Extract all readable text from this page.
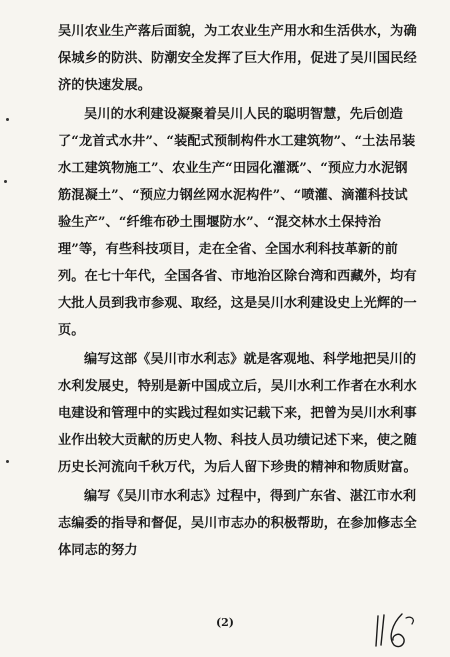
吴川农业生产落后面貌，为工农业生产用水和生活供水，为确保城乡的防洪、防潮安全发挥了巨大作用，促进了吴川国民经济的快速发展。

吴川的水利建设凝聚着吴川人民的聪明智慧，先后创造了“龙首式水井”、“装配式预制构件水工建筑物”、“土法吊装水工建筑物施工”、农业生产“田园化灌溉”、“预应力水泥钢筋混凝土”、“预应力钢丝网水泥构件”、“喷灌、滴灌科技试验生产”、“纤维布砂土围堰防水”、“混交林水土保持治理”等，有些科技项目，走在全省、全国水利科技革新的前列。在七十年代，全国各省、市地治区除台湾和西藏外，均有大批人员到我市参观、取经，这是吴川水利建设史上光辉的一页。

编写这部《吴川市水利志》就是客观地、科学地把吴川的水利发展史，特别是新中国成立后，吴川水利工作者在水利水电建设和管理中的实践过程如实记载下来，把曾为吴川水利事业作出较大贡献的历史人物、科技人员功绩记述下来，使之随历史长河流向千秋万代，为后人留下珍贵的精神和物质财富。

编写《吴川市水利志》过程中，得到广东省、湛江市水利志编委的指导和督促，吴川市志办的积极帮助，在参加修志全体同志的努力

(2)
